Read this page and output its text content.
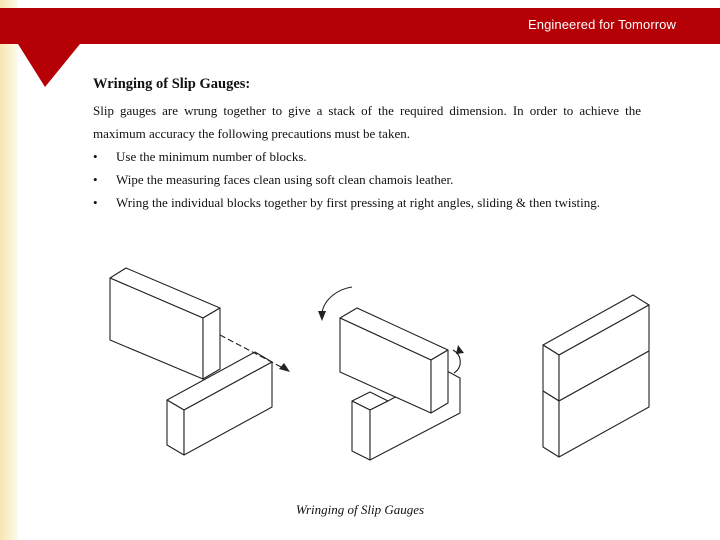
Engineered for Tomorrow

Wringing of Slip Gauges:

Slip gauges are wrung together to give a stack of the required dimension. In order to achieve the maximum accuracy the following precautions must be taken.

• Use the minimum number of blocks.
• Wipe the measuring faces clean using soft clean chamois leather.
• Wring the individual blocks together by first pressing at right angles, sliding & then twisting.
Wringing of Slip Gauges
